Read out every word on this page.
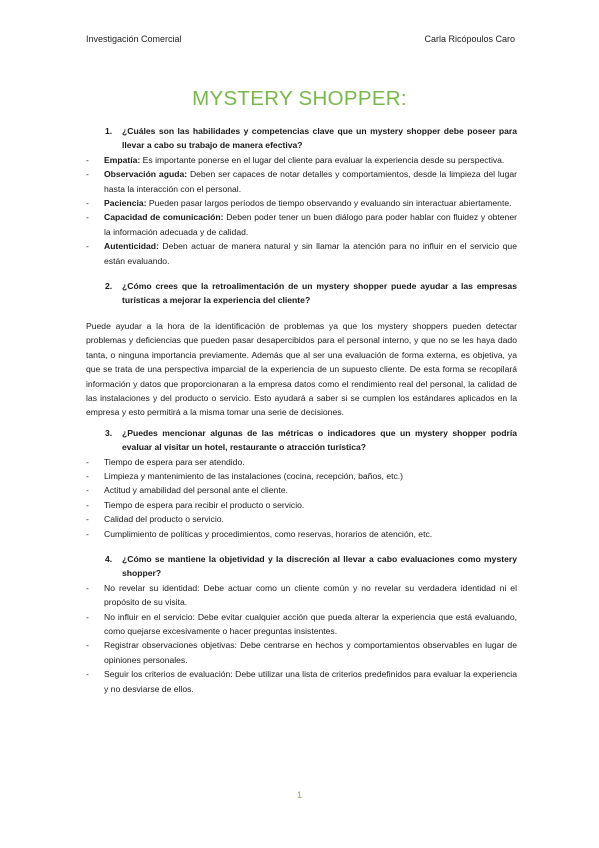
Investigación Comercial	Carla Ricópoulos Caro
MYSTERY SHOPPER:
1.	¿Cuáles son las habilidades y competencias clave que un mystery shopper debe poseer para llevar a cabo su trabajo de manera efectiva?
-	Empatía: Es importante ponerse en el lugar del cliente para evaluar la experiencia desde su perspectiva.
-	Observación aguda: Deben ser capaces de notar detalles y comportamientos, desde la limpieza del lugar hasta la interacción con el personal.
-	Paciencia: Pueden pasar largos períodos de tiempo observando y evaluando sin interactuar abiertamente.
-	Capacidad de comunicación: Deben poder tener un buen diálogo para poder hablar con fluidez y obtener la información adecuada y de calidad.
-	Autenticidad: Deben actuar de manera natural y sin llamar la atención para no influir en el servicio que están evaluando.
2.	¿Cómo crees que la retroalimentación de un mystery shopper puede ayudar a las empresas turísticas a mejorar la experiencia del cliente?
Puede ayudar a la hora de la identificación de problemas ya que los mystery shoppers pueden detectar problemas y deficiencias que pueden pasar desapercibidos para el personal interno, y que no se les haya dado tanta, o ninguna importancia previamente. Además que al ser una evaluación de forma externa, es objetiva, ya que se trata de una perspectiva imparcial de la experiencia de un supuesto cliente. De esta forma se recopilará información y datos que proporcionaran a la empresa datos como el rendimiento real del personal, la calidad de las instalaciones y del producto o servicio. Esto ayudará a saber si se cumplen los estándares aplicados en la empresa y esto permitirá a la misma tomar una serie de decisiones.
3.	¿Puedes mencionar algunas de las métricas o indicadores que un mystery shopper podría evaluar al visitar un hotel, restaurante o atracción turística?
-	Tiempo de espera para ser atendido.
-	Limpieza y mantenimiento de las instalaciones (cocina, recepción, baños, etc.)
-	Actitud y amabilidad del personal ante el cliente.
-	Tiempo de espera para recibir el producto o servicio.
-	Calidad del producto o servicio.
-	Cumplimiento de políticas y procedimientos, como reservas, horarios de atención, etc.
4.	¿Cómo se mantiene la objetividad y la discreción al llevar a cabo evaluaciones como mystery shopper?
-	No revelar su identidad: Debe actuar como un cliente común y no revelar su verdadera identidad ni el propósito de su visita.
-	No influir en el servicio: Debe evitar cualquier acción que pueda alterar la experiencia que está evaluando, como quejarse excesivamente o hacer preguntas insistentes.
-	Registrar observaciones objetivas: Debe centrarse en hechos y comportamientos observables en lugar de opiniones personales.
-	Seguir los criterios de evaluación: Debe utilizar una lista de criterios predefinidos para evaluar la experiencia y no desviarse de ellos.
1
